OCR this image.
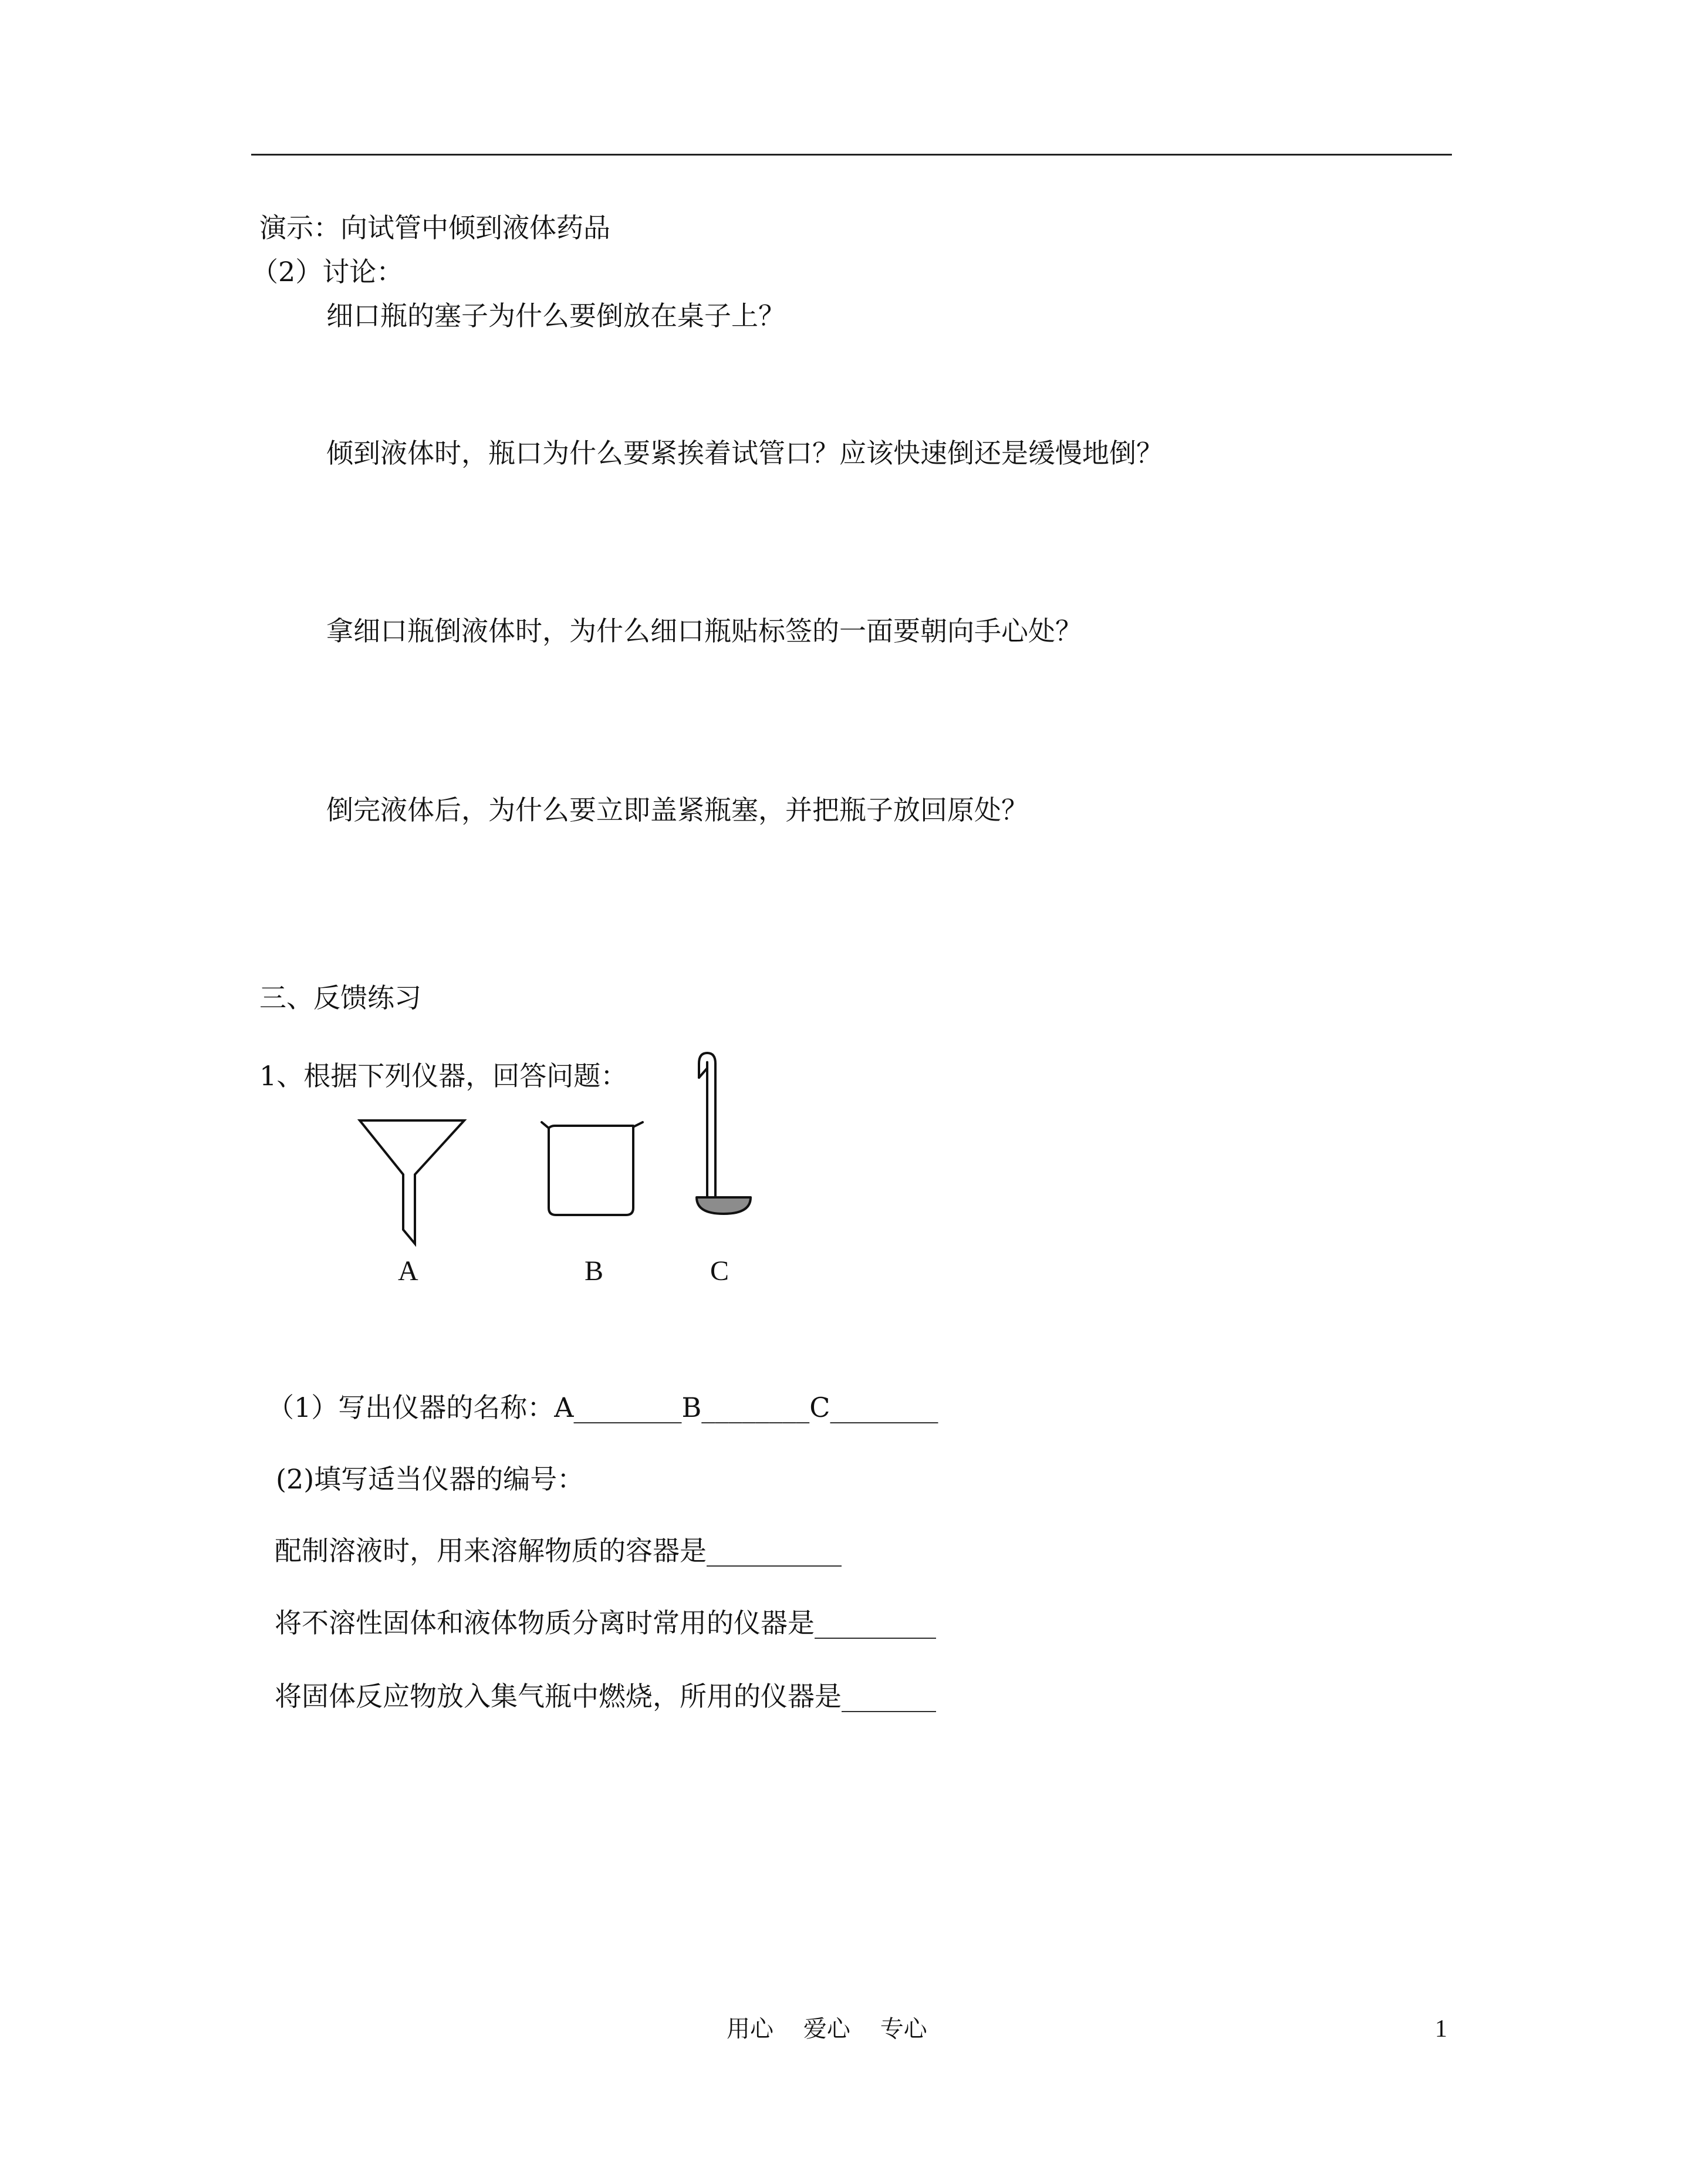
演示：向试管中倾到液体药品
（2）讨论：
细口瓶的塞子为什么要倒放在桌子上？
倾到液体时，瓶口为什么要紧挨着试管口？应该快速倒还是缓慢地倒？
拿细口瓶倒液体时，为什么细口瓶贴标签的一面要朝向手心处？
倒完液体后，为什么要立即盖紧瓶塞，并把瓶子放回原处？
三、反馈练习
1、根据下列仪器，回答问题：
A	B	C
（1）写出仪器的名称：A________B________C________
(2)填写适当仪器的编号：
配制溶液时，用来溶解物质的容器是__________
将不溶性固体和液体物质分离时常用的仪器是_________
将固体反应物放入集气瓶中燃烧，所用的仪器是_______
用心    爱心    专心	1
